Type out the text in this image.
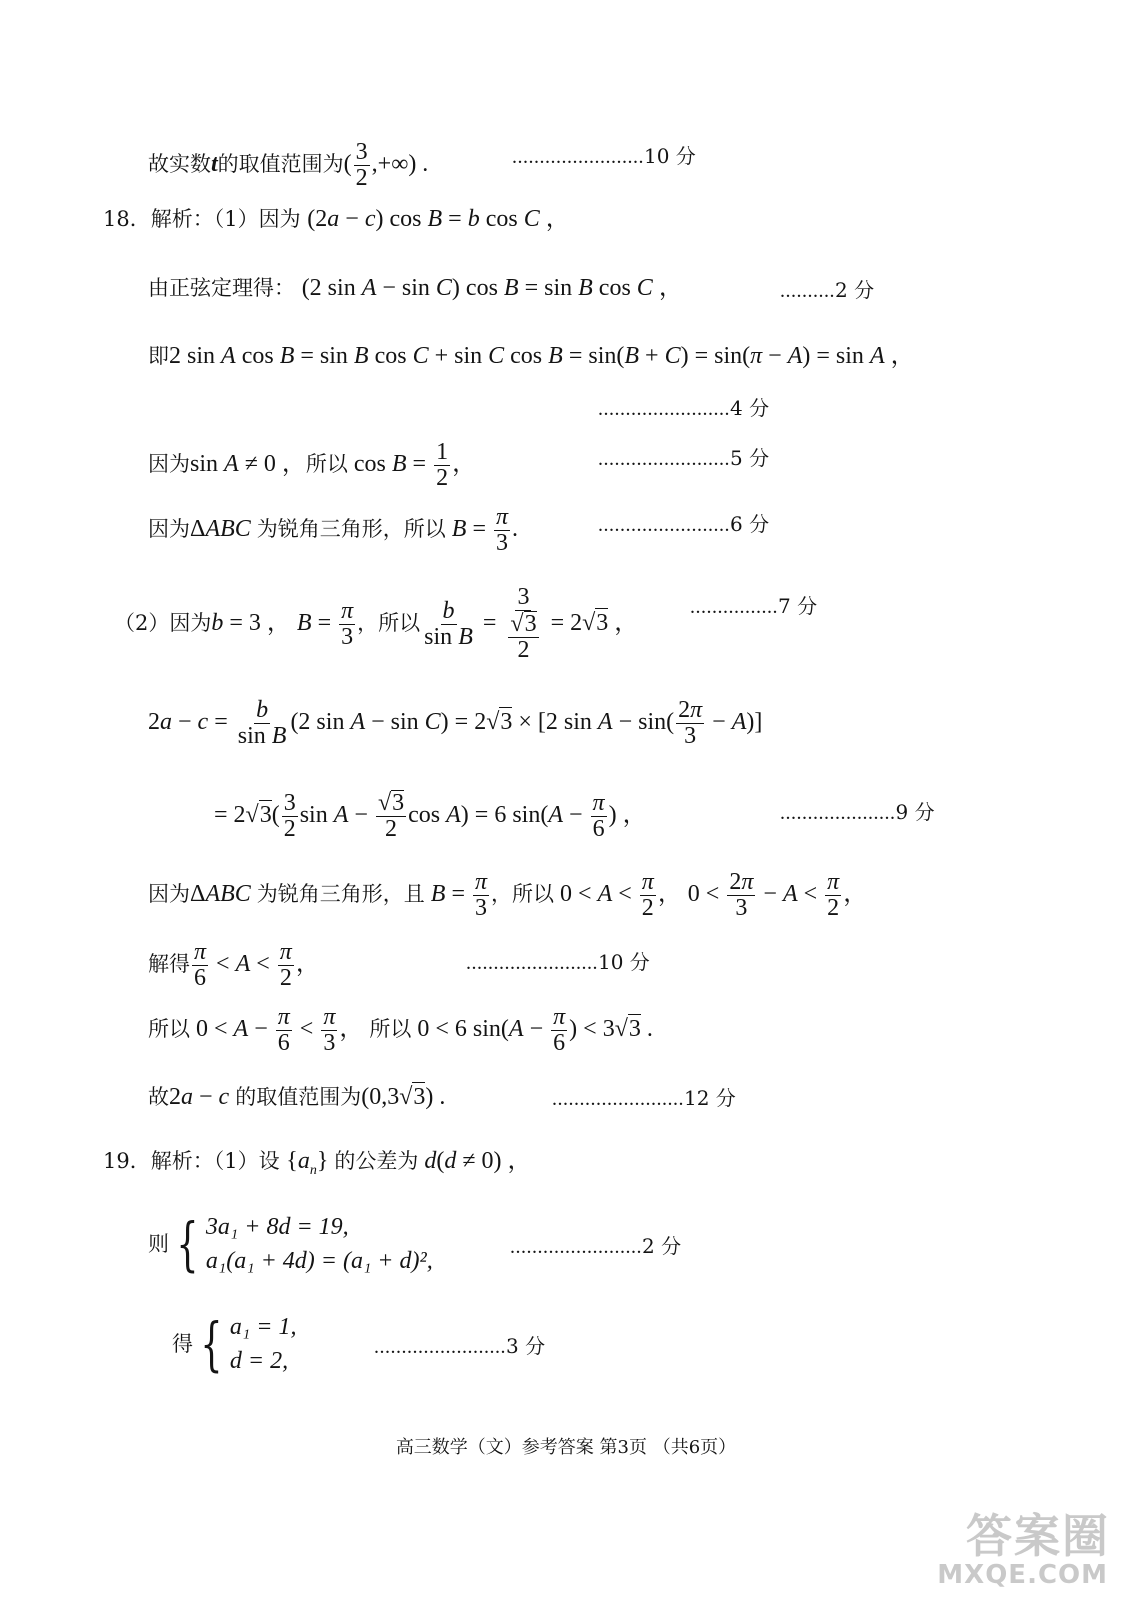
故实数t的取值范围为( $\frac{3}{2}$ ,+∞) .	........................10 分
18．解析：（1）因为 (2a − c) cos B = b cos C ，
由正弦定理得： (2 sin A − sin C) cos B = sin B cos C ，	..........2 分
即2 sin A cos B = sin B cos C + sin C cos B = sin(B + C) = sin(π − A) = sin A ，
........................4 分
因为sin A ≠ 0 ，所以 $\cos B = \frac{1}{2}$ ，	........................5 分
因为ΔABC 为锐角三角形，所以 $B = \frac{\pi}{3}$ .	........................6 分
（2）因为b = 3 ， $B = \frac{\pi}{3}$ ，所以 $\frac{b}{\text{sin B}} = \frac{3}{\frac{√3}{2}} = 2√3$ ，
................7 分
$2a - c = \frac{b}{\text{sin B}} (2$ sin A − sin C) = 2√3 × [2 $\sin A - \sin( \frac{2\pi}{3} - A)$]
= $2√3( \frac{3}{2}$ $\sin A - \frac{√3}{2}$ cos A) = 6 $\sin(A - \frac{\pi}{6}$ ) ，	.....................9 分
因为ΔABC 为锐角三角形，且 $B = \frac{\pi}{3}$ ，所以 $0 < A < \frac{\pi}{2}$ ， $0 < \frac{2\pi}{3} - A < \frac{\pi}{2}$ ，
解得 $\frac{\pi}{6} < A < \frac{\pi}{2}$ ，	........................10 分
所以 $0 < A - \frac{\pi}{6} < \frac{\pi}{3}$ ， 所以 0 < 6 $\sin(A - \frac{\pi}{6}$ ) < 3√3 .
故2a − c 的取值范围为(0,3√3) .	........................12 分
19．解析：（1）设 $\{a_n\}$ 的公差为 d(d ≠ 0) ，
则 { 3a₁ + 8d = 19,
a₁(a₁ + 4d) = (a₁ + d)²,
........................2 分
得 { a₁ = 1,
d = 2,
........................3 分
高三数学（文）参考答案 第3页 （共6页）
答案圈
MXQE.COM
